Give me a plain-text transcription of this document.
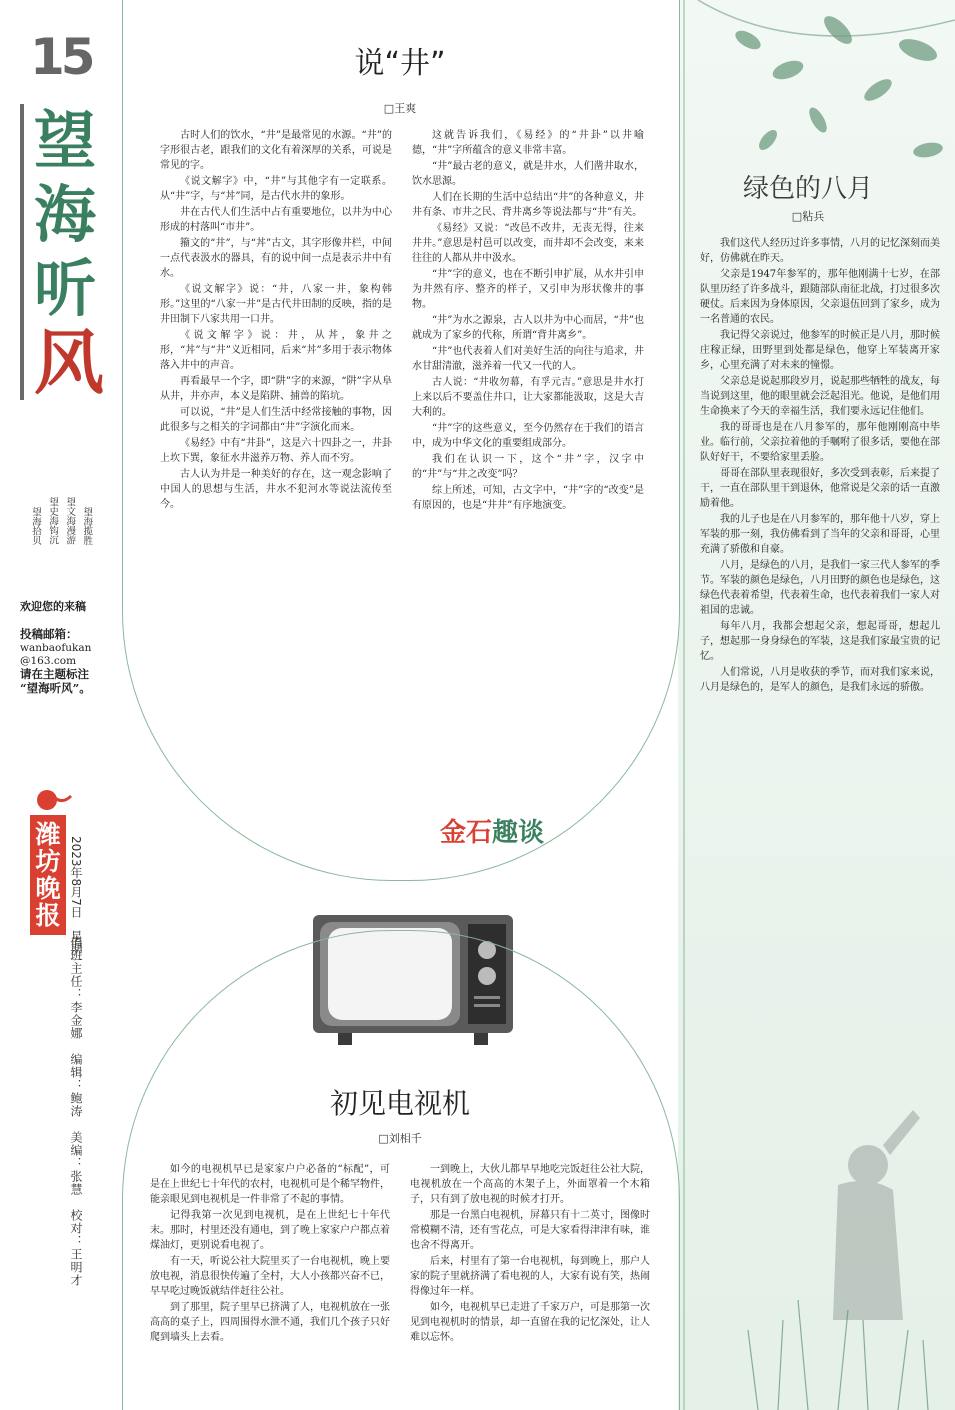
15
望
海
听
风
望海拾贝 望史海钩沉 望文海漫游 望海揽胜
欢迎您的来稿
投稿邮箱：
wanbaofukan
@163.com
请在主题标注
“望海听风”。
潍坊晚报 2023年8月7日　星期一
值班主任：李金娜　编辑：鲍涛　美编：张慧　校对：王明才
说“井”
□王爽

古时人们的饮水，“井”是最常见的水源。“井”的字形很古老，跟我们的文化有着深厚的关系，可说是常见的字。

《说文解字》中，“井”与其他字有一定联系。从“井”字，与“丼”同，是古代水井的象形。

井在古代人们生活中占有重要地位，以井为中心形成的村落叫“市井”。

籀文的“井”，与“丼”古文，其字形像井栏，中间一点代表汲水的器具，有的说中间一点是表示井中有水。

《说文解字》说：“井，八家一井，象构韩形。”这里的“八家一井”是古代井田制的反映，指的是井田制下八家共用一口井。

《说文解字》说：井，从丼，象井之形，“丼”与“井”义近相同，后来“丼”多用于表示物体落入井中的声音。

再看最早一个字，即“阱”字的来源，“阱”字从阜从井，井亦声，本义是陷阱、捕兽的陷坑。

可以说，“井”是人们生活中经常接触的事物，因此很多与之相关的字词都由“井”字演化而来。

《易经》中有“井卦”，这是六十四卦之一，井卦上坎下巽，象征水井滋养万物、养人而不穷。

古人认为井是一种美好的存在，这一观念影响了中国人的思想与生活，井水不犯河水等说法流传至今。

这就告诉我们，《易经》的“井卦”以井喻德，“井”字所蕴含的意义非常丰富。

“井”最古老的意义，就是井水，人们凿井取水，饮水思源。

人们在长期的生活中总结出“井”的各种意义，井井有条、市井之民、背井离乡等说法都与“井”有关。

《易经》又说：“改邑不改井，无丧无得，往来井井。”意思是村邑可以改变，而井却不会改变，来来往往的人都从井中汲水。

“井”字的意义，也在不断引申扩展，从水井引申为井然有序、整齐的样子，又引申为形状像井的事物。

“井”为水之源泉，古人以井为中心而居，“井”也就成为了家乡的代称，所谓“背井离乡”。

“井”也代表着人们对美好生活的向往与追求，井水甘甜清澈，滋养着一代又一代的人。

古人说：“井收勿幕，有孚元吉。”意思是井水打上来以后不要盖住井口，让大家都能汲取，这是大吉大利的。

“井”字的这些意义，至今仍然存在于我们的语言中，成为中华文化的重要组成部分。

我们在认识一下，这个“井”字，汉字中的“井”与“井之改变”吗？

综上所述，可知，古文字中，“井”字的“改变”是有原因的，也是“井井”有序地演变。

金石趣谈
初见电视机
□刘相千

如今的电视机早已是家家户户必备的“标配”，可是在上世纪七十年代的农村，电视机可是个稀罕物件，能亲眼见到电视机是一件非常了不起的事情。

记得我第一次见到电视机，是在上世纪七十年代末。那时，村里还没有通电，到了晚上家家户户都点着煤油灯，更别说看电视了。

有一天，听说公社大院里买了一台电视机，晚上要放电视，消息很快传遍了全村，大人小孩都兴奋不已，早早吃过晚饭就结伴赶往公社。

到了那里，院子里早已挤满了人，电视机放在一张高高的桌子上，四周围得水泄不通，我们几个孩子只好爬到墙头上去看。

一到晚上，大伙儿都早早地吃完饭赶往公社大院，电视机放在一个高高的木架子上，外面罩着一个木箱子，只有到了放电视的时候才打开。

那是一台黑白电视机，屏幕只有十二英寸，图像时常模糊不清，还有雪花点，可是大家看得津津有味，谁也舍不得离开。

后来，村里有了第一台电视机，每到晚上，那户人家的院子里就挤满了看电视的人，大家有说有笑，热闹得像过年一样。

如今，电视机早已走进了千家万户，可是那第一次见到电视机时的情景，却一直留在我的记忆深处，让人难以忘怀。

绿色的八月
□粘兵

我们这代人经历过许多事情，八月的记忆深刻而美好，仿佛就在昨天。

父亲是1947年参军的，那年他刚满十七岁，在部队里历经了许多战斗，跟随部队南征北战，打过很多次硬仗。后来因为身体原因，父亲退伍回到了家乡，成为一名普通的农民。

我记得父亲说过，他参军的时候正是八月，那时候庄稼正绿，田野里到处都是绿色，他穿上军装离开家乡，心里充满了对未来的憧憬。

父亲总是说起那段岁月，说起那些牺牲的战友，每当说到这里，他的眼里就会泛起泪光。他说，是他们用生命换来了今天的幸福生活，我们要永远记住他们。

我的哥哥也是在八月参军的，那年他刚刚高中毕业。临行前，父亲拉着他的手嘱咐了很多话，要他在部队好好干，不要给家里丢脸。

哥哥在部队里表现很好，多次受到表彰，后来提了干，一直在部队里干到退休，他常说是父亲的话一直激励着他。

我的儿子也是在八月参军的，那年他十八岁，穿上军装的那一刻，我仿佛看到了当年的父亲和哥哥，心里充满了骄傲和自豪。

八月，是绿色的八月，是我们一家三代人参军的季节。军装的颜色是绿色，八月田野的颜色也是绿色，这绿色代表着希望，代表着生命，也代表着我们一家人对祖国的忠诚。

每年八月，我都会想起父亲，想起哥哥，想起儿子，想起那一身身绿色的军装，这是我们家最宝贵的记忆。

人们常说，八月是收获的季节，而对我们家来说，八月是绿色的，是军人的颜色，是我们永远的骄傲。
